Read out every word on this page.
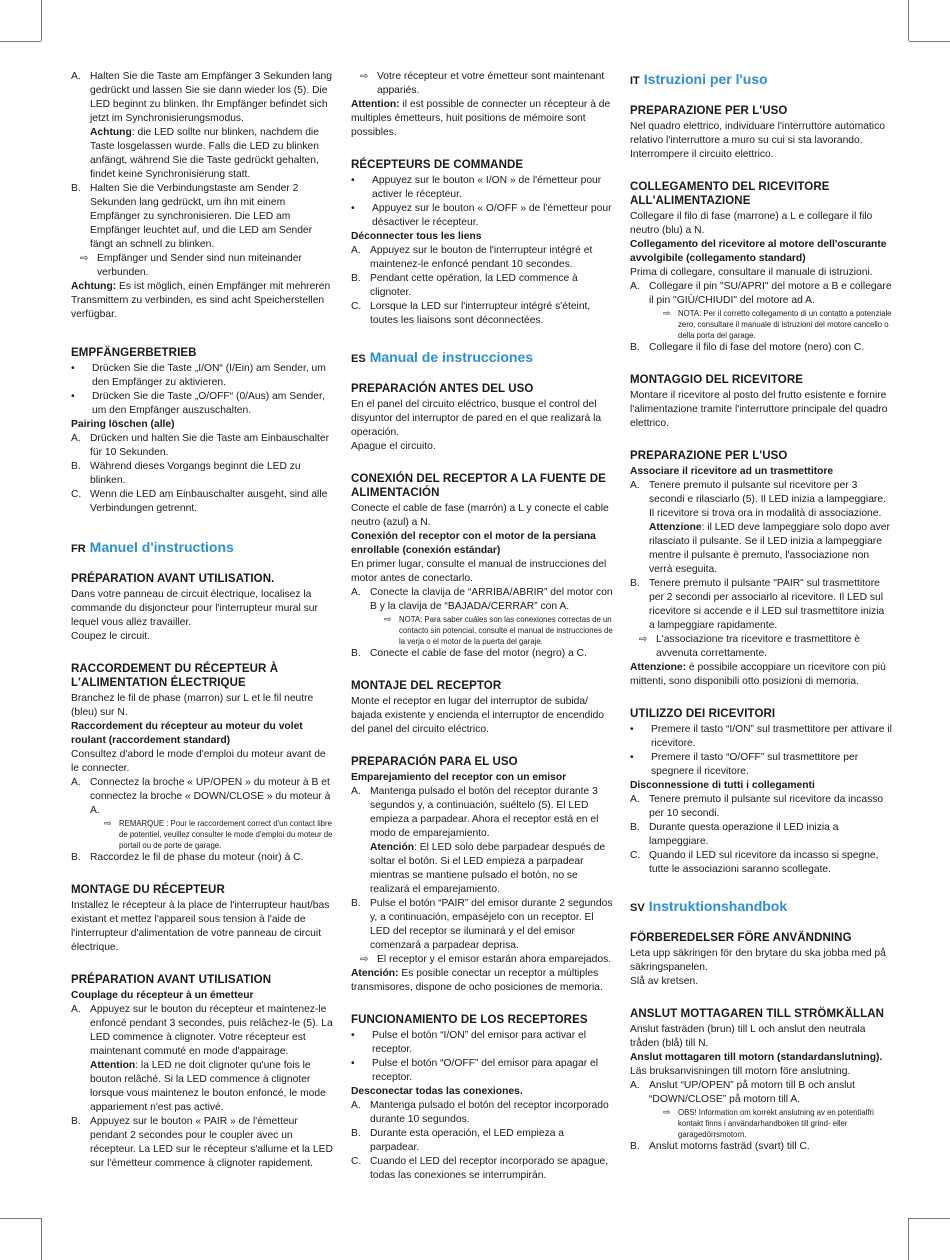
A. Halten Sie die Taste am Empfänger 3 Sekunden lang gedrückt und lassen Sie sie dann wieder los (5). Die LED beginnt zu blinken. Ihr Empfänger befindet sich jetzt im Synchronisierungsmodus.
Achtung: die LED sollte nur blinken, nachdem die Taste losgelassen wurde. Falls die LED zu blinken anfängt, während Sie die Taste gedrückt gehalten, findet keine Synchronisierung statt.
B. Halten Sie die Verbindungstaste am Sender 2 Sekunden lang gedrückt, um ihn mit einem Empfänger zu synchronisieren. Die LED am Empfänger leuchtet auf, und die LED am Sender fängt an schnell zu blinken.
⇨ Empfänger und Sender sind nun miteinander verbunden.

Achtung: Es ist möglich, einen Empfänger mit mehreren Transmittern zu verbinden, es sind acht Speicherstellen verfügbar.

EMPFÄNGERBETRIEB
•	Drücken Sie die Taste „I/ON“ (I/Ein) am Sender, um den Empfänger zu aktivieren.
•	Drücken Sie die Taste „O/OFF“ (0/Aus) am Sender, um den Empfänger auszuschalten.
Pairing löschen (alle)
A. Drücken und halten Sie die Taste am Einbauschalter für 10 Sekunden.
B. Während dieses Vorgangs beginnt die LED zu blinken.
C. Wenn die LED am Einbauschalter ausgeht, sind alle Verbindungen getrennt.
FR Manuel d'instructions
PRÉPARATION AVANT UTILISATION.

Dans votre panneau de circuit électrique, localisez la commande du disjoncteur pour l'interrupteur mural sur lequel vous allez travailler.

Coupez le circuit.

RACCORDEMENT DU RÉCEPTEUR À L'ALIMENTATION ÉLECTRIQUE

Branchez le fil de phase (marron) sur L et le fil neutre (bleu) sur N.

Raccordement du récepteur au moteur du volet roulant (raccordement standard)

Consultez d'abord le mode d'emploi du moteur avant de le connecter.

A. Connectez la broche « UP/OPEN » du moteur à B et connectez la broche « DOWN/CLOSE » du moteur à A.
⇨ REMARQUE : Pour le raccordement correct d'un contact libre de potentiel, veuillez consulter le mode d'emploi du moteur de portail ou de porte de garage.
B. Raccordez le fil de phase du moteur (noir) à C.
MONTAGE DU RÉCEPTEUR

Installez le récepteur à la place de l'interrupteur haut/bas existant et mettez l'appareil sous tension à l'aide de l'interrupteur d'alimentation de votre panneau de circuit électrique.

PRÉPARATION AVANT UTILISATION
Couplage du récepteur à un émetteur
A. Appuyez sur le bouton du récepteur et maintenez-le enfoncé pendant 3 secondes, puis relâchez-le (5). La LED commence à clignoter. Votre récepteur est maintenant commuté en mode d'appairage.
Attention: la LED ne doit clignoter qu'une fois le bouton relâché. Si la LED commence à clignoter lorsque vous maintenez le bouton enfoncé, le mode appariement n'est pas activé.
B. Appuyez sur le bouton « PAIR » de l'émetteur pendant 2 secondes pour le coupler avec un récepteur. La LED sur le récepteur s'allume et la LED sur l'émetteur commence à clignoter rapidement.
⇨ Votre récepteur et votre émetteur sont maintenant appariés.

Attention: il est possible de connecter un récepteur à de multiples émetteurs, huit positions de mémoire sont possibles.

RÉCEPTEURS DE COMMANDE
•	Appuyez sur le bouton « I/ON » de l'émetteur pour activer le récepteur.
•	Appuyez sur le bouton « O/OFF » de l'émetteur pour désactiver le récepteur.
Déconnecter tous les liens
A. Appuyez sur le bouton de l'interrupteur intégré et maintenez-le enfoncé pendant 10 secondes.
B. Pendant cette opération, la LED commence à clignoter.
C. Lorsque la LED sur l'interrupteur intégré s'éteint, toutes les liaisons sont déconnectées.
ES Manual de instrucciones
PREPARACIÓN ANTES DEL USO

En el panel del circuito eléctrico, busque el control del disyuntor del interruptor de pared en el que realizará la operación.

Apague el circuito.

CONEXIÓN DEL RECEPTOR A LA FUENTE DE ALIMENTACIÓN

Conecte el cable de fase (marrón) a L y conecte el cable neutro (azul) a N.

Conexión del receptor con el motor de la persiana enrollable (conexión estándar)

En primer lugar, consulte el manual de instrucciones del motor antes de conectarlo.

A. Conecte la clavija de “ARRIBA/ABRIR” del motor con B y la clavija de “BAJADA/CERRAR” con A.
⇨ NOTA: Para saber cuáles son las conexiones correctas de un contacto sin potencial, consulte el manual de instrucciones de la verja o el motor de la puerta del garaje.
B. Conecte el cable de fase del motor (negro) a C.
MONTAJE DEL RECEPTOR

Monte el receptor en lugar del interruptor de subida/ bajada existente y encienda el interruptor de encendido del panel del circuito eléctrico.

PREPARACIÓN PARA EL USO
Emparejamiento del receptor con un emisor
A. Mantenga pulsado el botón del receptor durante 3 segundos y, a continuación, suéltelo (5). El LED empieza a parpadear. Ahora el receptor está en el modo de emparejamiento.
Atención: El LED solo debe parpadear después de soltar el botón. Si el LED empieza a parpadear mientras se mantiene pulsado el botón, no se realizará el emparejamiento.
B. Pulse el botón “PAIR” del emisor durante 2 segundos y, a continuación, empaséjelo con un receptor. El LED del receptor se iluminará y el del emisor comenzará a parpadear deprisa.
⇨ El receptor y el emisor estarán ahora emparejados.

Atención: Es posible conectar un receptor a múltiples transmisores, dispone de ocho posiciones de memoria.

FUNCIONAMIENTO DE LOS RECEPTORES
•	Pulse el botón “I/ON” del emisor para activar el receptor.
•	Pulse el botón “O/OFF” del emisor para apagar el receptor.
Desconectar todas las conexiones.
A. Mantenga pulsado el botón del receptor incorporado durante 10 segundos.
B. Durante esta operación, el LED empieza a parpadear.
C. Cuando el LED del receptor incorporado se apague, todas las conexiones se interrumpirán.
IT Istruzioni per l'uso
PREPARAZIONE PER L'USO

Nel quadro elettrico, individuare l'interruttore automatico relativo l'interruttore a muro su cui si sta lavorando.

Interrompere il circuito elettrico.

COLLEGAMENTO DEL RICEVITORE ALL'ALIMENTAZIONE

Collegare il filo di fase (marrone) a L e collegare il filo neutro (blu) a N.

Collegamento del ricevitore al motore dell'oscurante avvolgibile (collegamento standard)

Prima di collegare, consultare il manuale di istruzioni.

A. Collegare il pin "SU/APRI" del motore a B e collegare il pin "GIÙ/CHIUDI" del motore ad A.
⇨ NOTA: Per il corretto collegamento di un contatto a potenziale zero, consultare il manuale di istruzioni del motore cancello o della porta del garage.
B. Collegare il filo di fase del motore (nero) con C.
MONTAGGIO DEL RICEVITORE

Montare il ricevitore al posto del frutto esistente e fornire l'alimentazione tramite l'interruttore principale del quadro elettrico.

PREPARAZIONE PER L'USO
Associare il ricevitore ad un trasmettitore
A. Tenere premuto il pulsante sul ricevitore per 3 secondi e rilasciarlo (5). Il LED inizia a lampeggiare. Il ricevitore si trova ora in modalità di associazione.
Attenzione: il LED deve lampeggiare solo dopo aver rilasciato il pulsante. Se il LED inizia a lampeggiare mentre il pulsante è premuto, l'associazione non verrà eseguita.
B. Tenere premuto il pulsante "PAIR" sul trasmettitore per 2 secondi per associarlo al ricevitore. Il LED sul ricevitore si accende e il LED sul trasmettitore inizia a lampeggiare rapidamente.
⇨ L'associazione tra ricevitore e trasmettitore è avvenuta correttamente.

Attenzione: è possibile accoppiare un ricevitore con più mittenti, sono disponibili otto posizioni di memoria.

UTILIZZO DEI RICEVITORI
•	Premere il tasto “I/ON” sul trasmettitore per attivare il ricevitore.
•	Premere il tasto “O/OFF” sul trasmettitore per spegnere il ricevitore.
Disconnessione di tutti i collegamenti
A. Tenere premuto il pulsante sul ricevitore da incasso per 10 secondi.
B. Durante questa operazione il LED inizia a lampeggiare.
C. Quando il LED sul ricevitore da incasso si spegne, tutte le associazioni saranno scollegate.
SV Instruktionshandbok
FÖRBEREDELSER FÖRE ANVÄNDNING

Leta upp säkringen för den brytare du ska jobba med på säkringspanelen.

Slå av kretsen.

ANSLUT MOTTAGAREN TILL STRÖMKÄLLAN

Anslut fasträden (brun) till L och anslut den neutrala tråden (blå) till N.

Anslut mottagaren till motorn (standardanslutning).

Läs bruksanvisningen till motorn före anslutning.

A. Anslut “UP/OPEN” på motorn till B och anslut “DOWN/CLOSE” på motorn till A.
⇨ OBS! Information om korrekt anslutning av en potentialfri kontakt finns i användarhandboken till grind- eller garagedörrsmotorn.
B. Anslut motorns fasträd (svart) till C.
